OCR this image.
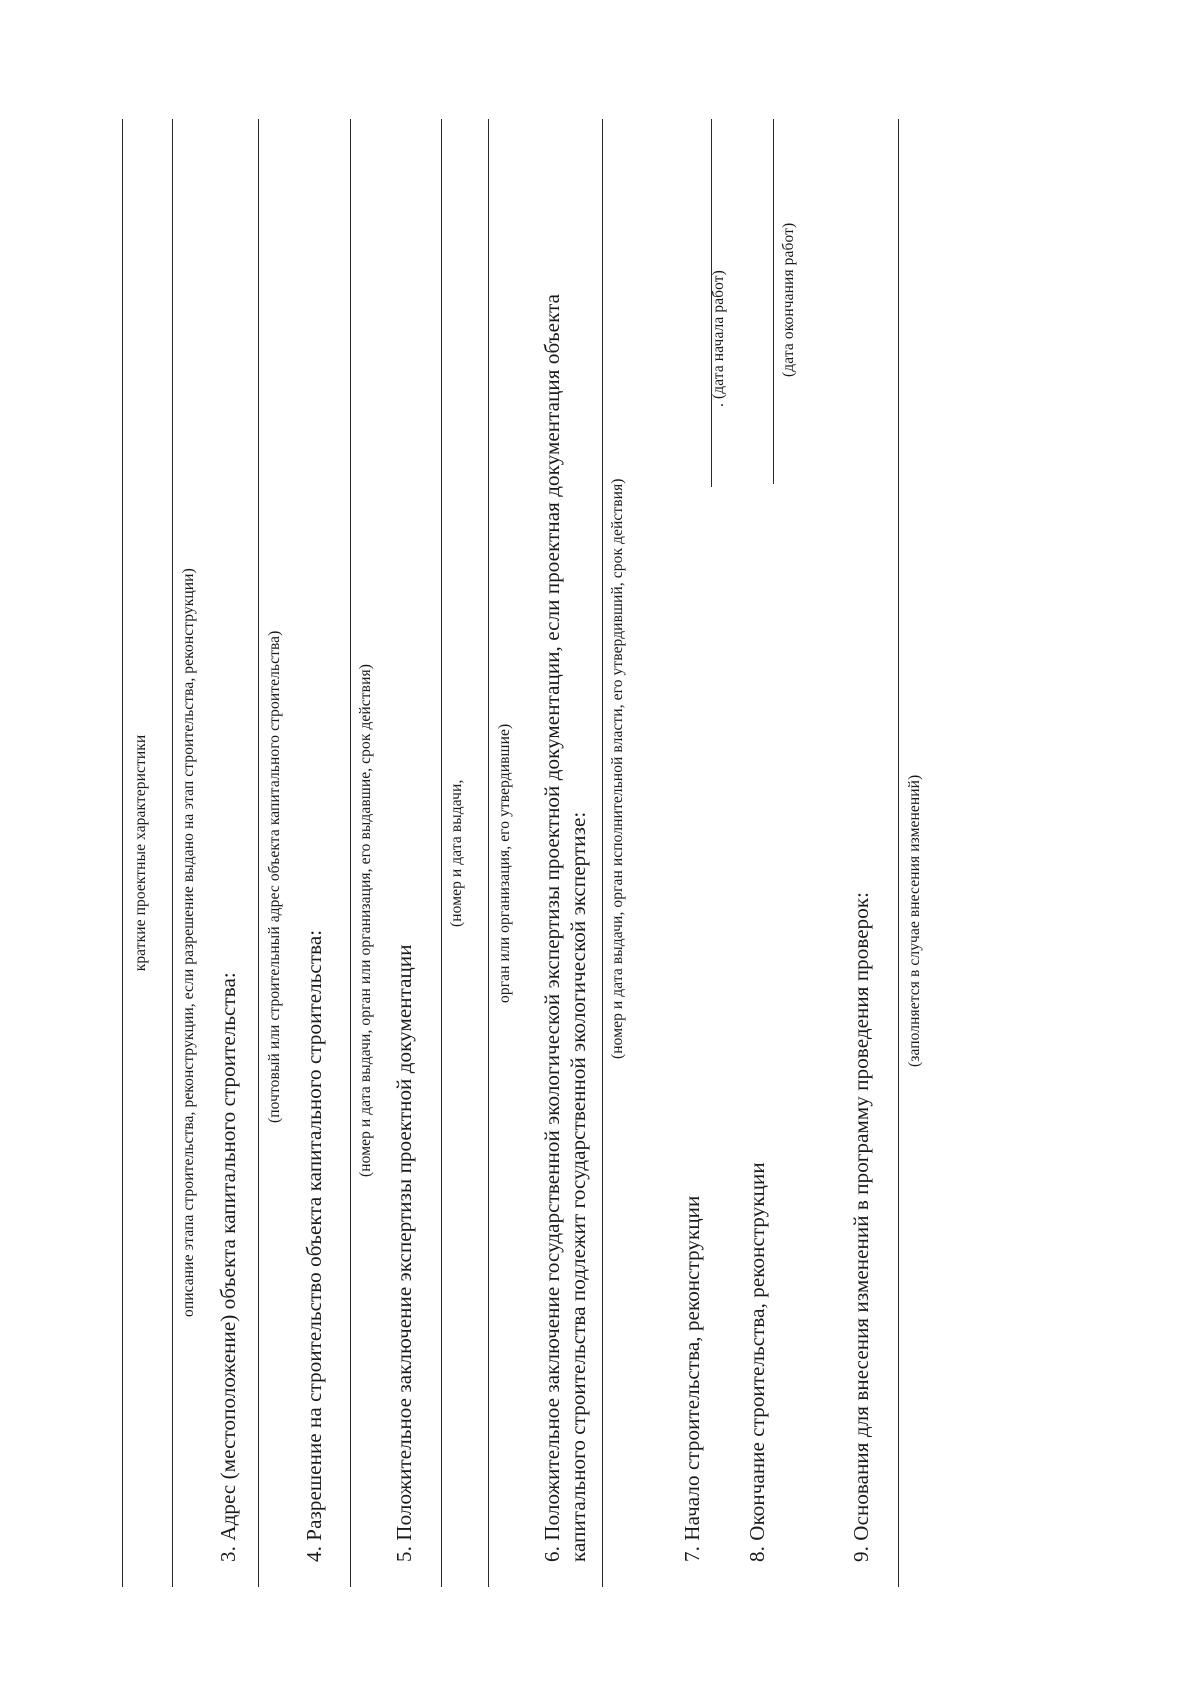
краткие проектные характеристики описание этапа строительства, реконструкции, если разрешение выдано на этап строительства, реконструкции) 3. Адрес (местоположение) объекта капитального строительства:
(почтовый или строительный адрес объекта капитального строительства)
4. Разрешение на строительство объекта капитального строительства:
(номер и дата выдачи, орган или организация, его выдавшие, срок действия)
5. Положительное заключение экспертизы проектной документации
(номер и дата выдачи, орган или организация, его утвердившие) 6. Положительное заключение государственной экологической экспертизы проектной документации, если проектная документация объекта капитального строительства подлежит государственной экологической экспертизе:
(номер и дата выдачи, орган исполнительной власти, его утвердивший, срок действия)
7. Начало строительства, реконструкции
. (дата начала работ)
8. Окончание строительства, реконструкции
(дата окончания работ)
9. Основания для внесения изменений в программу проведения проверок: (заполняется в случае внесения изменений)
